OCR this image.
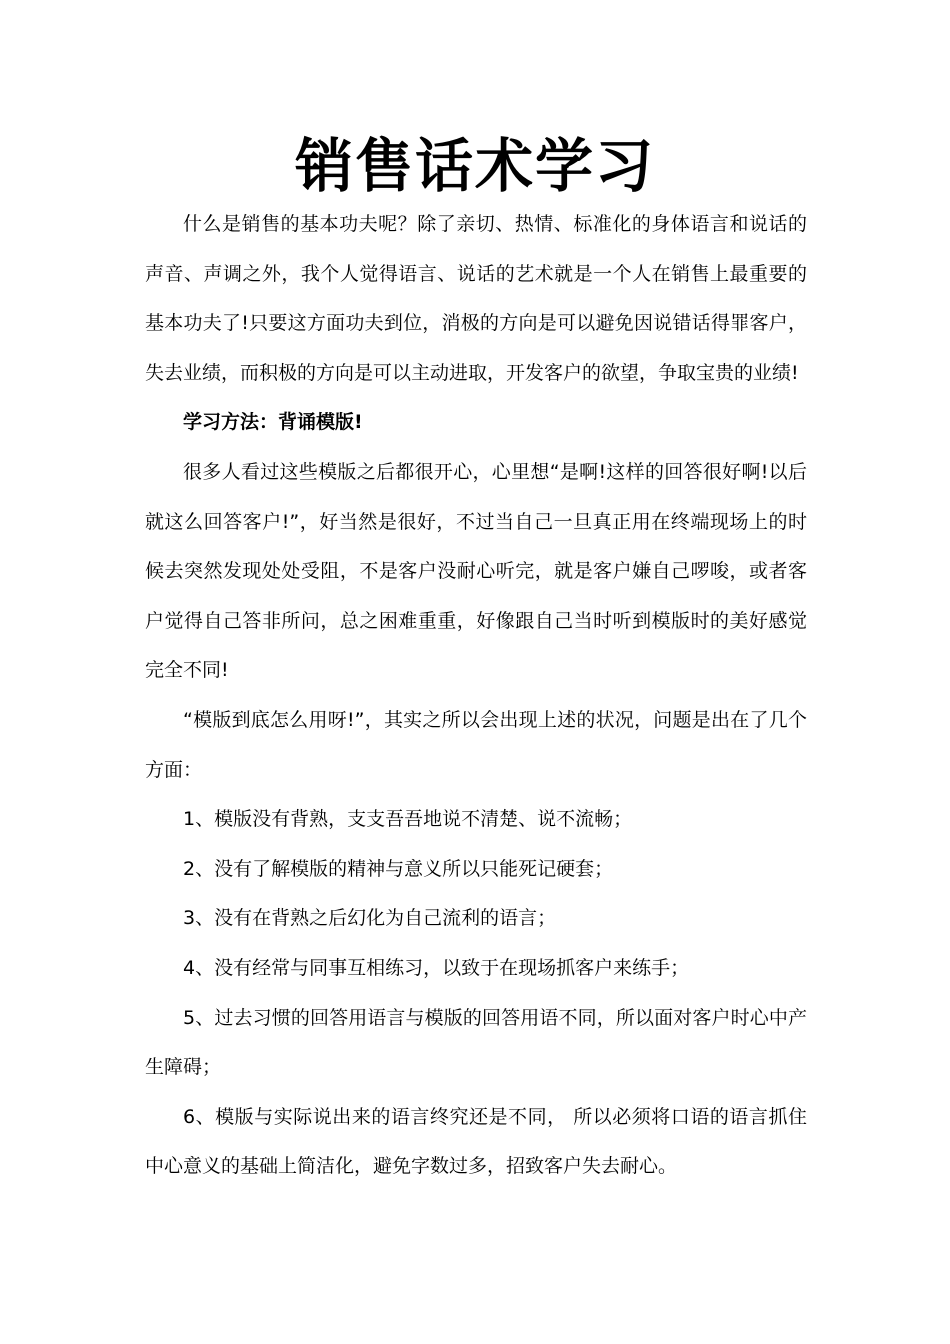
销售话术学习

什么是销售的基本功夫呢？除了亲切、热情、标准化的身体语言和说话的声音、声调之外，我个人觉得语言、说话的艺术就是一个人在销售上最重要的基本功夫了!只要这方面功夫到位，消极的方向是可以避免因说错话得罪客户，失去业绩，而积极的方向是可以主动进取，开发客户的欲望，争取宝贵的业绩!

学习方法：背诵模版!

很多人看过这些模版之后都很开心，心里想“是啊!这样的回答很好啊!以后就这么回答客户!”，好当然是很好，不过当自己一旦真正用在终端现场上的时候去突然发现处处受阻，不是客户没耐心听完，就是客户嫌自己啰唆，或者客户觉得自己答非所问，总之困难重重，好像跟自己当时听到模版时的美好感觉完全不同!

“模版到底怎么用呀!”，其实之所以会出现上述的状况，问题是出在了几个方面：

1、模版没有背熟，支支吾吾地说不清楚、说不流畅；

2、没有了解模版的精神与意义所以只能死记硬套；

3、没有在背熟之后幻化为自己流利的语言；

4、没有经常与同事互相练习，以致于在现场抓客户来练手；

5、过去习惯的回答用语言与模版的回答用语不同，所以面对客户时心中产生障碍；

6、模版与实际说出来的语言终究还是不同， 所以必须将口语的语言抓住中心意义的基础上简洁化，避免字数过多，招致客户失去耐心。
